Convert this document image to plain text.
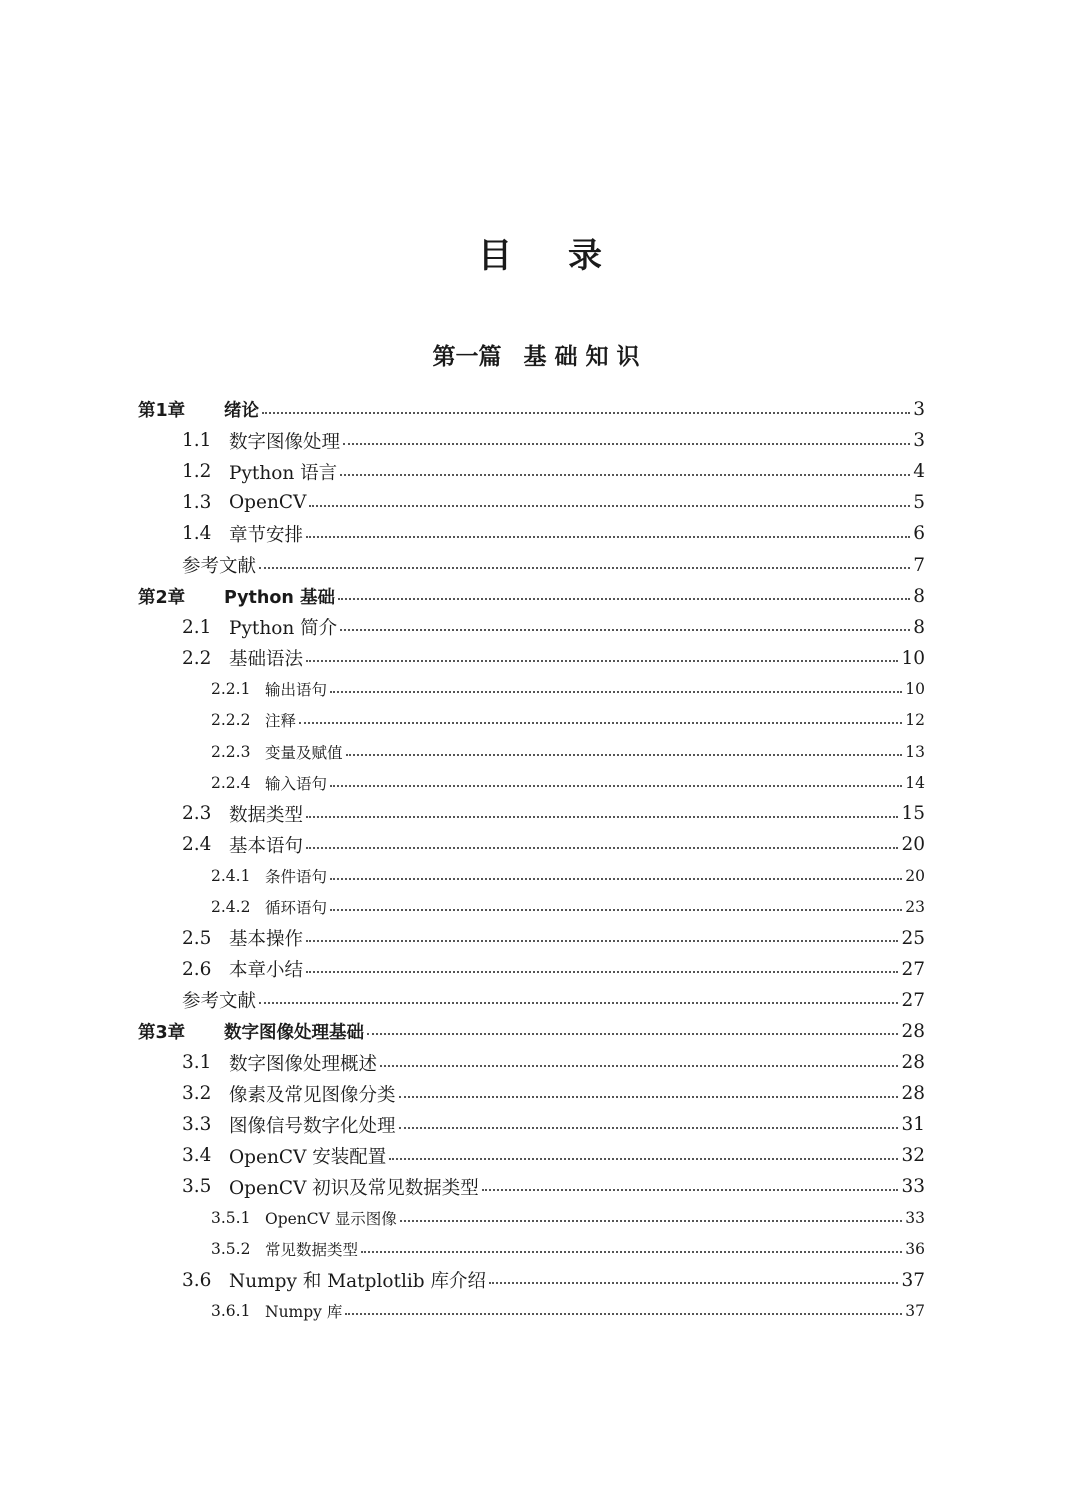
目录
第一篇 基础知识
第1章	绪论	3
1.1 数字图像处理	3
1.2 Python 语言	4
1.3 OpenCV	5
1.4 章节安排	6
参考文献	7
第2章	Python 基础	8
2.1 Python 简介	8
2.2 基础语法	10
2.2.1 输出语句	10
2.2.2 注释	12
2.2.3 变量及赋值	13
2.2.4 输入语句	14
2.3 数据类型	15
2.4 基本语句	20
2.4.1 条件语句	20
2.4.2 循环语句	23
2.5 基本操作	25
2.6 本章小结	27
参考文献	27
第3章	数字图像处理基础	28
3.1 数字图像处理概述	28
3.2 像素及常见图像分类	28
3.3 图像信号数字化处理	31
3.4 OpenCV 安装配置	32
3.5 OpenCV 初识及常见数据类型	33
3.5.1 OpenCV 显示图像	33
3.5.2 常见数据类型	36
3.6 Numpy 和 Matplotlib 库介绍	37
3.6.1 Numpy 库	37
